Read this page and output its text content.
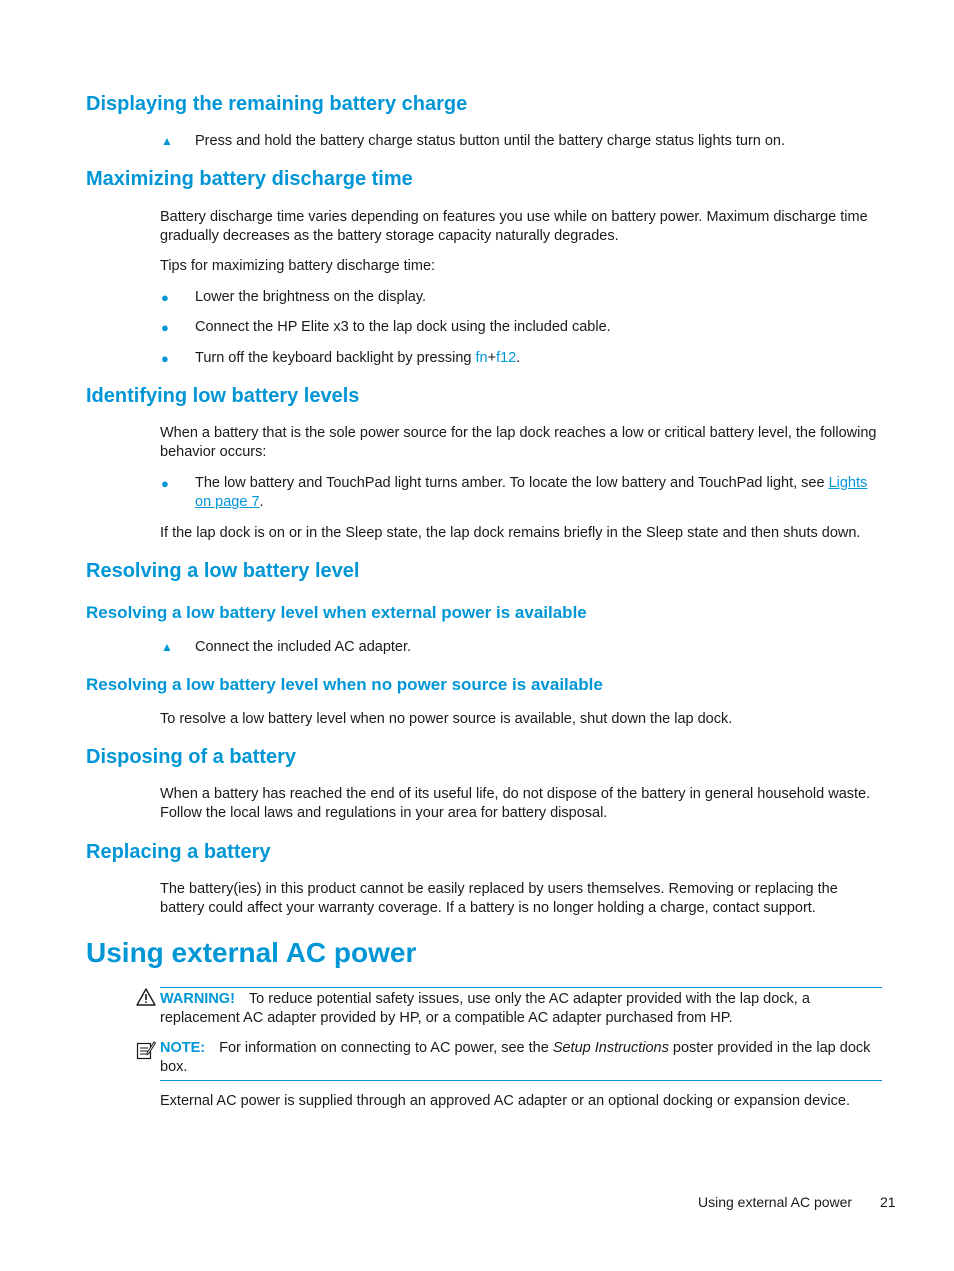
Displaying the remaining battery charge
▲ Press and hold the battery charge status button until the battery charge status lights turn on.

Maximizing battery discharge time

Battery discharge time varies depending on features you use while on battery power. Maximum discharge time gradually decreases as the battery storage capacity naturally degrades.

Tips for maximizing battery discharge time:

● Lower the brightness on the display.

● Connect the HP Elite x3 to the lap dock using the included cable.

● Turn off the keyboard backlight by pressing fn+f12.

Identifying low battery levels

When a battery that is the sole power source for the lap dock reaches a low or critical battery level, the following behavior occurs:

● The low battery and TouchPad light turns amber. To locate the low battery and TouchPad light, see Lights on page 7.

If the lap dock is on or in the Sleep state, the lap dock remains briefly in the Sleep state and then shuts down.

Resolving a low battery level
Resolving a low battery level when external power is available
▲ Connect the included AC adapter.

Resolving a low battery level when no power source is available

To resolve a low battery level when no power source is available, shut down the lap dock.

Disposing of a battery

When a battery has reached the end of its useful life, do not dispose of the battery in general household waste. Follow the local laws and regulations in your area for battery disposal.

Replacing a battery

The battery(ies) in this product cannot be easily replaced by users themselves. Removing or replacing the battery could affect your warranty coverage. If a battery is no longer holding a charge, contact support.

Using external AC power

WARNING! To reduce potential safety issues, use only the AC adapter provided with the lap dock, a replacement AC adapter provided by HP, or a compatible AC adapter purchased from HP.

NOTE: For information on connecting to AC power, see the Setup Instructions poster provided in the lap dock box.

External AC power is supplied through an approved AC adapter or an optional docking or expansion device.

Using external AC power 21
